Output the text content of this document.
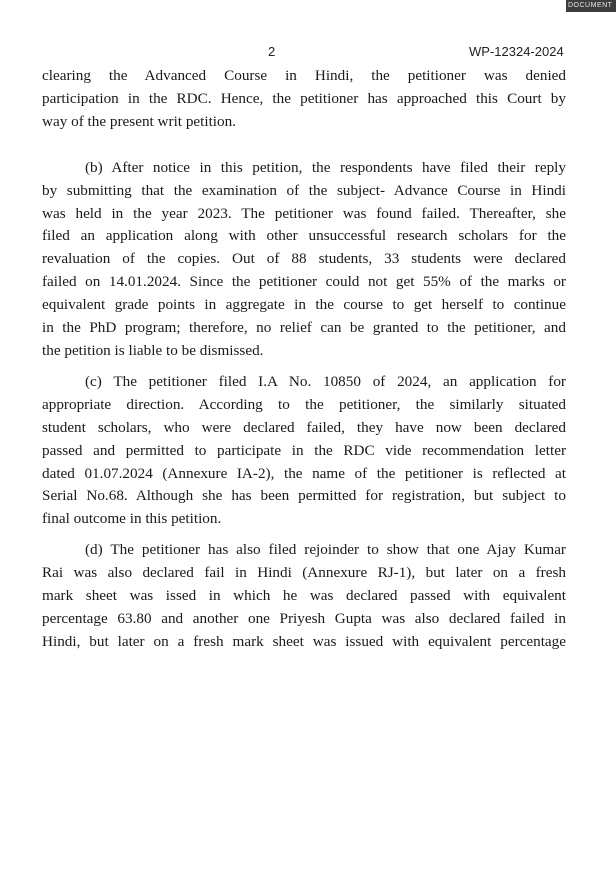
DOCUMENT
2	WP-12324-2024

clearing the Advanced Course in Hindi, the petitioner was denied
participation in the RDC. Hence, the petitioner has approached this Court by
way of the present writ petition.

(b) After notice in this petition, the respondents have filed their reply
by submitting that the examination of the subject- Advance Course in Hindi
was held in the year 2023. The petitioner was found failed. Thereafter, she
filed an application along with other unsuccessful research scholars for the
revaluation of the copies. Out of 88 students, 33 students were declared
failed on 14.01.2024. Since the petitioner could not get 55% of the marks or
equivalent grade points in aggregate in the course to get herself to continue
in the PhD program; therefore, no relief can be granted to the petitioner, and
the petition is liable to be dismissed.

(c) The petitioner filed I.A No. 10850 of 2024, an application for
appropriate direction. According to the petitioner, the similarly situated
student scholars, who were declared failed, they have now been declared
passed and permitted to participate in the RDC vide recommendation letter
dated 01.07.2024 (Annexure IA-2), the name of the petitioner is reflected at
Serial No.68. Although she has been permitted for registration, but subject to
final outcome in this petition.

(d) The petitioner has also filed rejoinder to show that one Ajay Kumar
Rai was also declared fail in Hindi (Annexure RJ-1), but later on a fresh
mark sheet was issed in which he was declared passed with equivalent
percentage 63.80 and another one Priyesh Gupta was also declared failed in
Hindi, but later on a fresh mark sheet was issued with equivalent percentage
